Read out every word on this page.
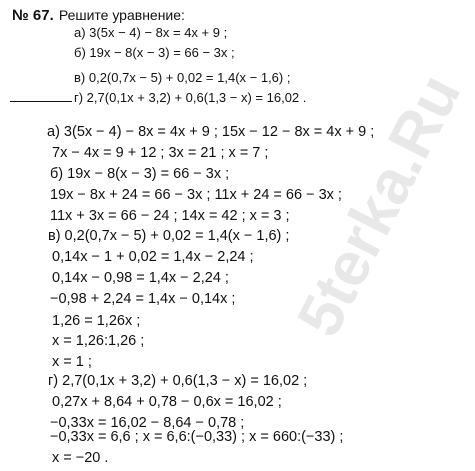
№ 67. Решите уравнение:
а) 3(5x − 4) − 8x = 4x + 9 ;
б) 19x − 8(x − 3) = 66 − 3x ;
в) 0,2(0,7x − 5) + 0,02 = 1,4(x − 1,6) ;
г) 2,7(0,1x + 3,2) + 0,6(1,3 − x) = 16,02 .
а) 3(5x − 4) − 8x = 4x + 9 ; 15x − 12 − 8x = 4x + 9 ;
7x − 4x = 9 + 12 ; 3x = 21 ; x = 7 ;
б) 19x − 8(x − 3) = 66 − 3x ;
19x − 8x + 24 = 66 − 3x ; 11x + 24 = 66 − 3x ;
11x + 3x = 66 − 24 ; 14x = 42 ; x = 3 ;
в) 0,2(0,7x − 5) + 0,02 = 1,4(x − 1,6) ;
0,14x − 1 + 0,02 = 1,4x − 2,24 ;
0,14x − 0,98 = 1,4x − 2,24 ;
−0,98 + 2,24 = 1,4x − 0,14x ;
1,26 = 1,26x ;
x = 1,26:1,26 ;
x = 1 ;
г) 2,7(0,1x + 3,2) + 0,6(1,3 − x) = 16,02 ;
0,27x + 8,64 + 0,78 − 0,6x = 16,02 ;
−0,33x = 16,02 − 8,64 − 0,78 ;
−0,33x = 6,6 ; x = 6,6:(−0,33) ; x = 660:(−33) ;
x = −20 .
5terka.Ru
